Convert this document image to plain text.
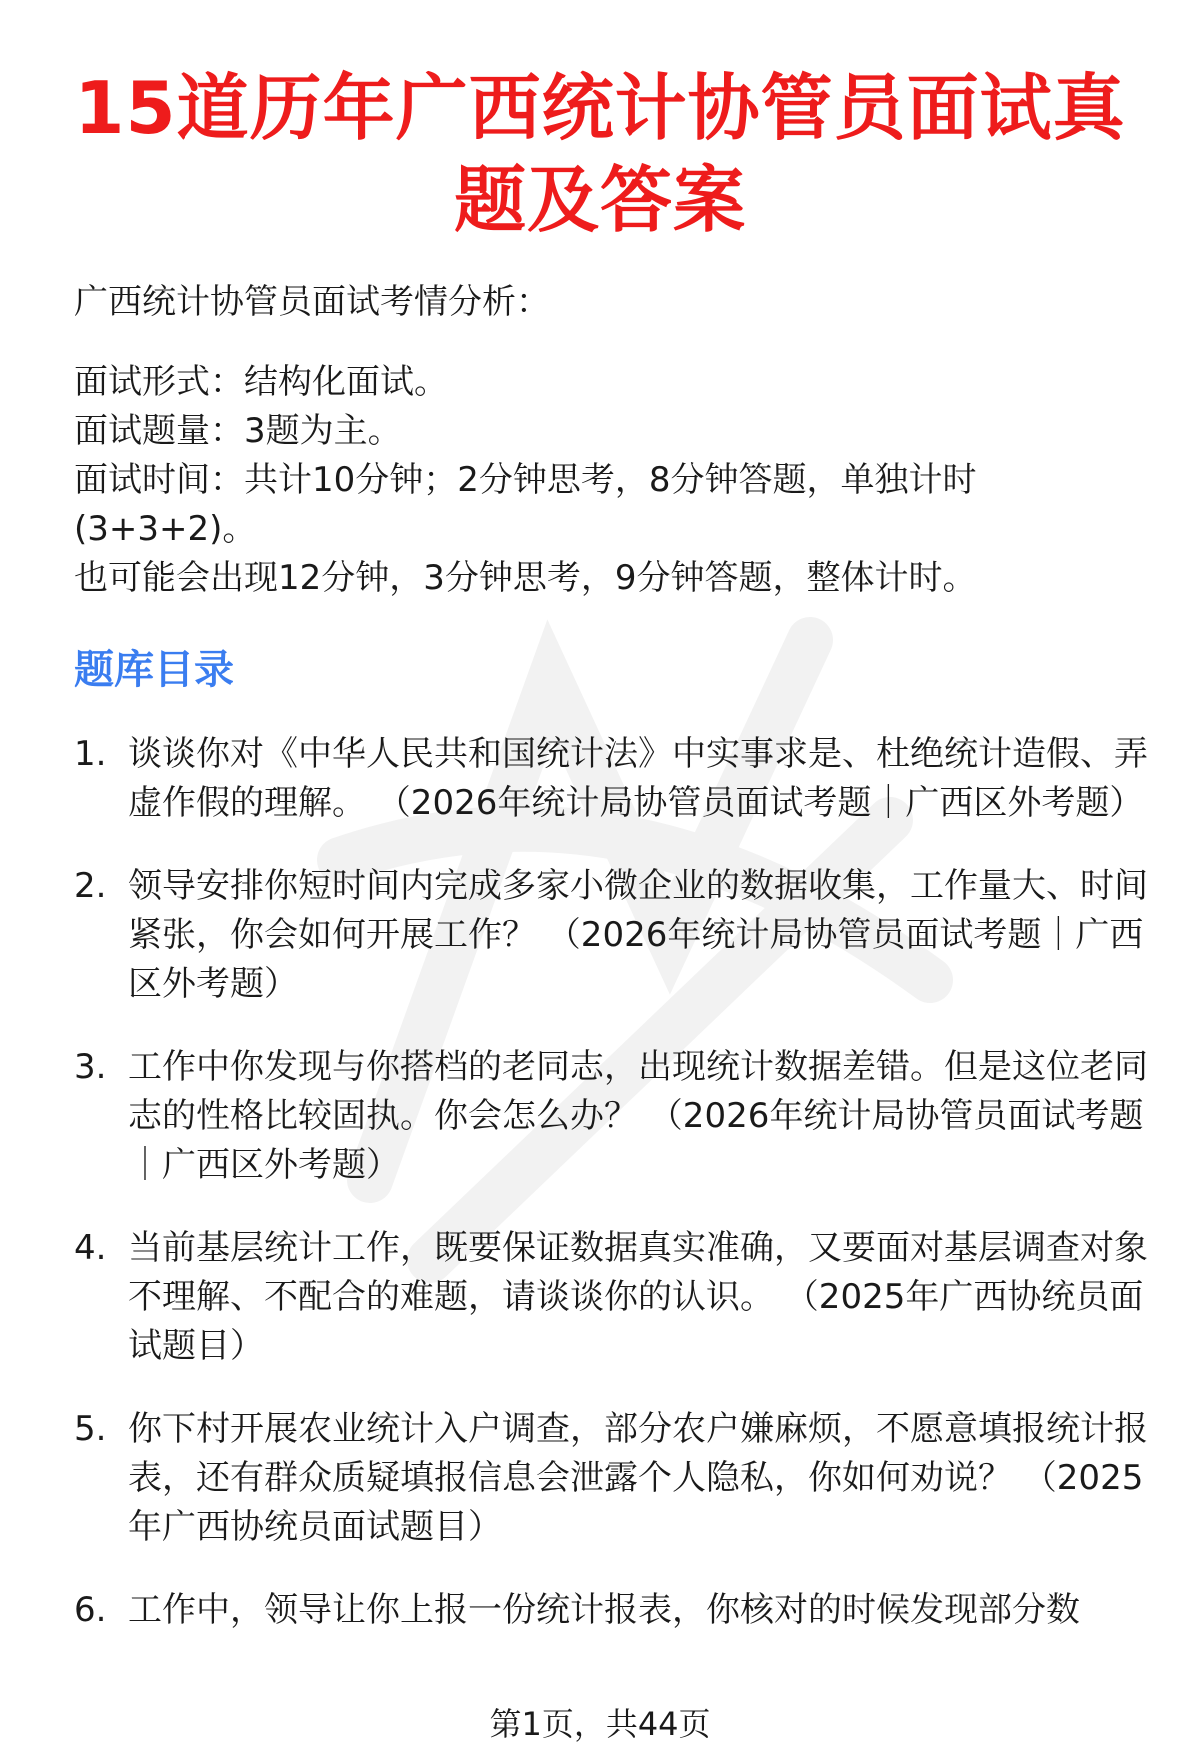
15道历年广西统计协管员面试真题及答案

广西统计协管员面试考情分析：

面试形式：结构化面试。

面试题量：3题为主。

面试时间：共计10分钟；2分钟思考，8分钟答题，单独计时(3+3+2)。

也可能会出现12分钟，3分钟思考，9分钟答题，整体计时。

题库目录
1. 谈谈你对《中华人民共和国统计法》中实事求是、杜绝统计造假、弄虚作假的理解。 （2026年统计局协管员面试考题｜广西区外考题）
2. 领导安排你短时间内完成多家小微企业的数据收集，工作量大、时间紧张，你会如何开展工作？ （2026年统计局协管员面试考题｜广西区外考题）
3. 工作中你发现与你搭档的老同志，出现统计数据差错。但是这位老同志的性格比较固执。你会怎么办？ （2026年统计局协管员面试考题｜广西区外考题）
4. 当前基层统计工作，既要保证数据真实准确，又要面对基层调查对象不理解、不配合的难题，请谈谈你的认识。 （2025年广西协统员面试题目）
5. 你下村开展农业统计入户调查，部分农户嫌麻烦，不愿意填报统计报表，还有群众质疑填报信息会泄露个人隐私，你如何劝说？ （2025年广西协统员面试题目）
6. 工作中，领导让你上报一份统计报表，你核对的时候发现部分数
第1页，共44页
